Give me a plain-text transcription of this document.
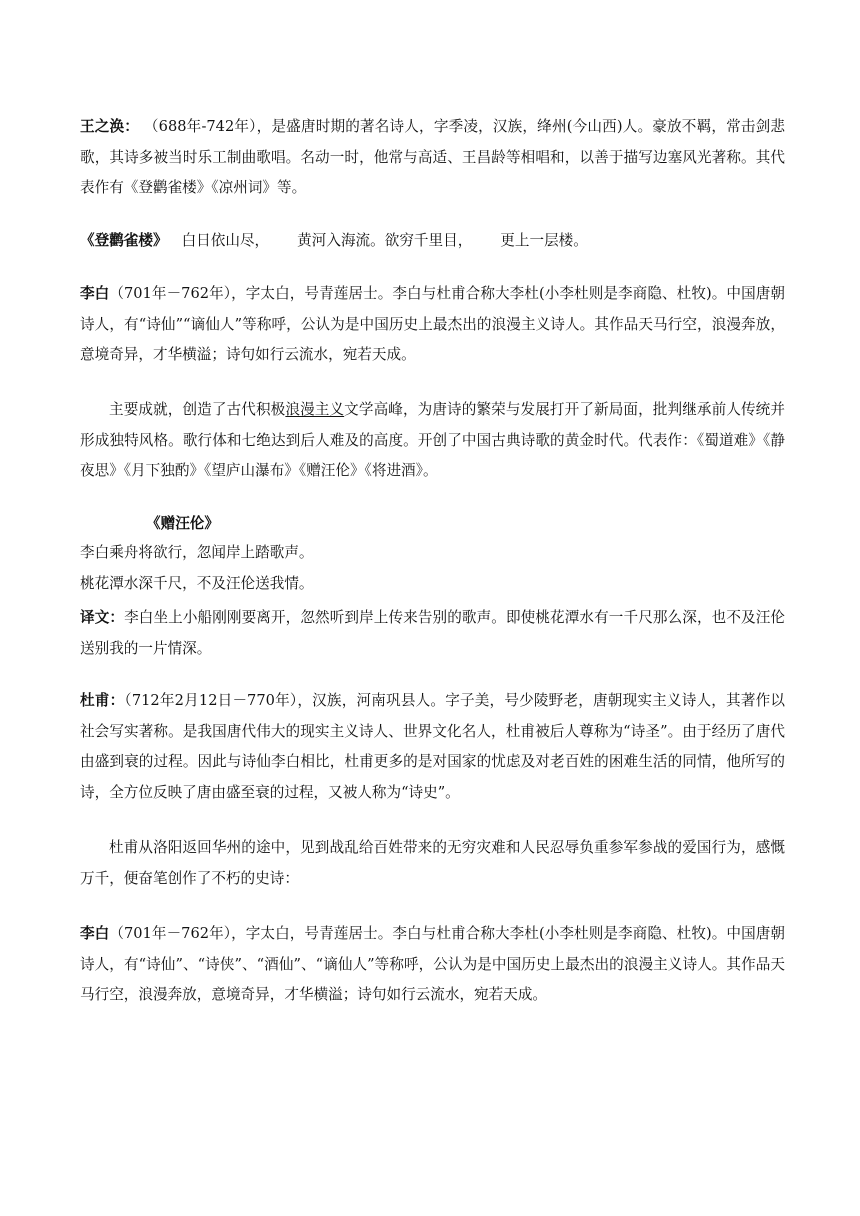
王之涣： （688年-742年），是盛唐时期的著名诗人，字季凌，汉族，绛州(今山西)人。豪放不羁，常击剑悲歌，其诗多被当时乐工制曲歌唱。名动一时，他常与高适、王昌龄等相唱和，以善于描写边塞风光著称。其代表作有《登鹳雀楼》《凉州词》等。

《登鹳雀楼》 白日依山尽， 黄河入海流。欲穷千里目， 更上一层楼。

李白（701年－762年），字太白，号青莲居士。李白与杜甫合称大李杜(小李杜则是李商隐、杜牧)。中国唐朝诗人，有“诗仙”“谪仙人”等称呼，公认为是中国历史上最杰出的浪漫主义诗人。其作品天马行空，浪漫奔放，意境奇异，才华横溢；诗句如行云流水，宛若天成。

主要成就，创造了古代积极浪漫主义文学高峰，为唐诗的繁荣与发展打开了新局面，批判继承前人传统并形成独特风格。歌行体和七绝达到后人难及的高度。开创了中国古典诗歌的黄金时代。代表作：《蜀道难》《静夜思》《月下独酌》《望庐山瀑布》《赠汪伦》《将进酒》。

《赠汪伦》

李白乘舟将欲行，忽闻岸上踏歌声。

桃花潭水深千尺，不及汪伦送我情。

译文：李白坐上小船刚刚要离开，忽然听到岸上传来告别的歌声。即使桃花潭水有一千尺那么深，也不及汪伦送别我的一片情深。

杜甫：（712年2月12日－770年），汉族，河南巩县人。字子美，号少陵野老，唐朝现实主义诗人，其著作以社会写实著称。是我国唐代伟大的现实主义诗人、世界文化名人，杜甫被后人尊称为“诗圣”。由于经历了唐代由盛到衰的过程。因此与诗仙李白相比，杜甫更多的是对国家的忧虑及对老百姓的困难生活的同情，他所写的诗，全方位反映了唐由盛至衰的过程，又被人称为“诗史”。

杜甫从洛阳返回华州的途中，见到战乱给百姓带来的无穷灾难和人民忍辱负重参军参战的爱国行为，感慨万千，便奋笔创作了不朽的史诗：

李白（701年－762年），字太白，号青莲居士。李白与杜甫合称大李杜(小李杜则是李商隐、杜牧)。中国唐朝诗人，有“诗仙”、“诗侠”、“酒仙”、“谪仙人”等称呼，公认为是中国历史上最杰出的浪漫主义诗人。其作品天马行空，浪漫奔放，意境奇异，才华横溢；诗句如行云流水，宛若天成。
